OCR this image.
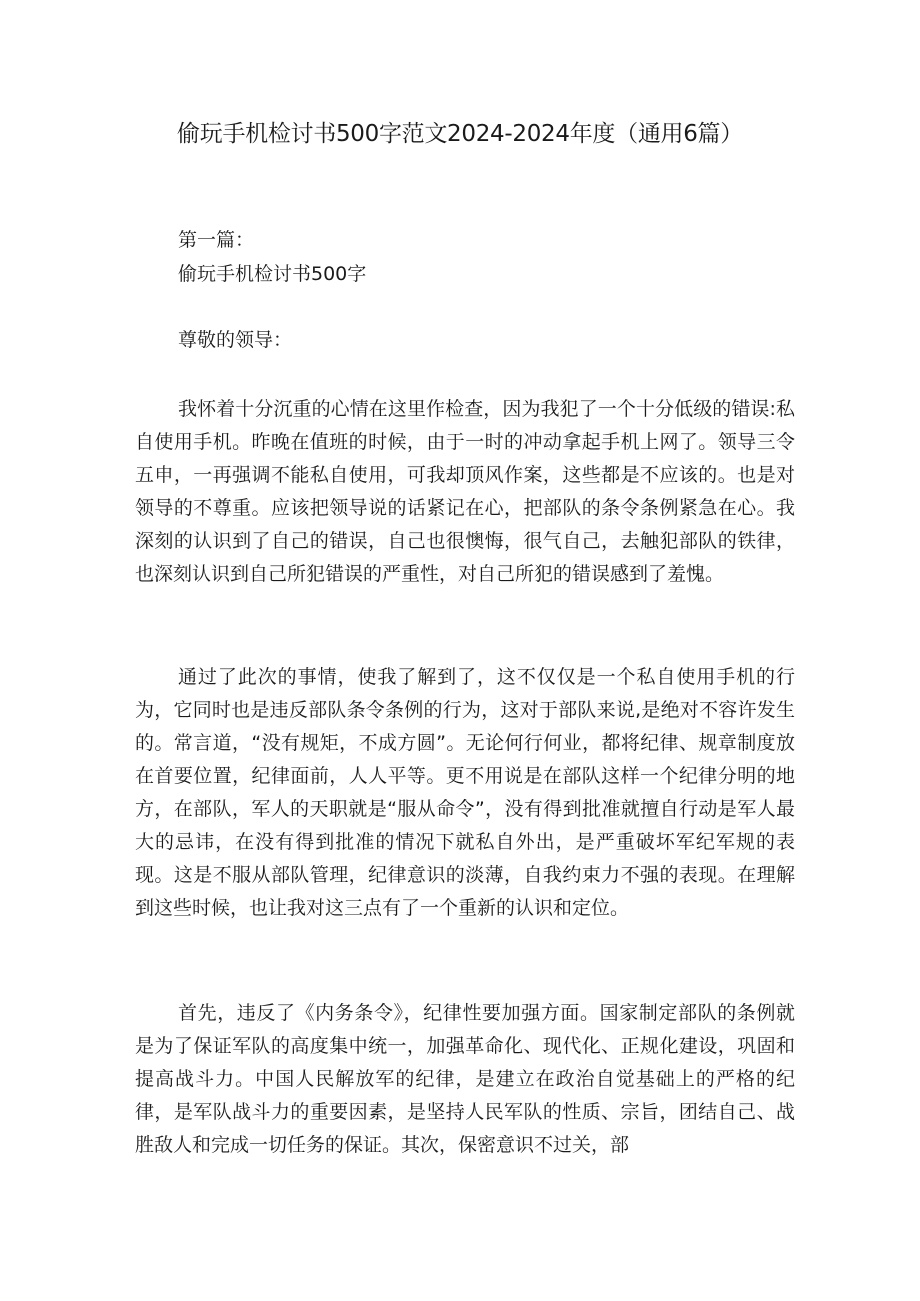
偷玩手机检讨书500字范文2024-2024年度（通用6篇）
第一篇：
偷玩手机检讨书500字
尊敬的领导：

我怀着十分沉重的心情在这里作检查，因为我犯了一个十分低级的错误:私自使用手机。昨晚在值班的时候，由于一时的冲动拿起手机上网了。领导三令五申，一再强调不能私自使用，可我却顶风作案，这些都是不应该的。也是对领导的不尊重。应该把领导说的话紧记在心，把部队的条令条例紧急在心。我深刻的认识到了自己的错误，自己也很懊悔，很气自己，去触犯部队的铁律，也深刻认识到自己所犯错误的严重性，对自己所犯的错误感到了羞愧。

通过了此次的事情，使我了解到了，这不仅仅是一个私自使用手机的行为，它同时也是违反部队条令条例的行为，这对于部队来说,是绝对不容许发生的。常言道，“没有规矩，不成方圆”。无论何行何业，都将纪律、规章制度放在首要位置，纪律面前，人人平等。更不用说是在部队这样一个纪律分明的地方，在部队，军人的天职就是“服从命令”，没有得到批准就擅自行动是军人最大的忌讳，在没有得到批准的情况下就私自外出，是严重破坏军纪军规的表现。这是不服从部队管理，纪律意识的淡薄，自我约束力不强的表现。在理解到这些时候，也让我对这三点有了一个重新的认识和定位。

首先，违反了《内务条令》，纪律性要加强方面。国家制定部队的条例就是为了保证军队的高度集中统一，加强革命化、现代化、正规化建设，巩固和提高战斗力。中国人民解放军的纪律，是建立在政治自觉基础上的严格的纪律，是军队战斗力的重要因素，是坚持人民军队的性质、宗旨，团结自己、战胜敌人和完成一切任务的保证。其次，保密意识不过关，部
